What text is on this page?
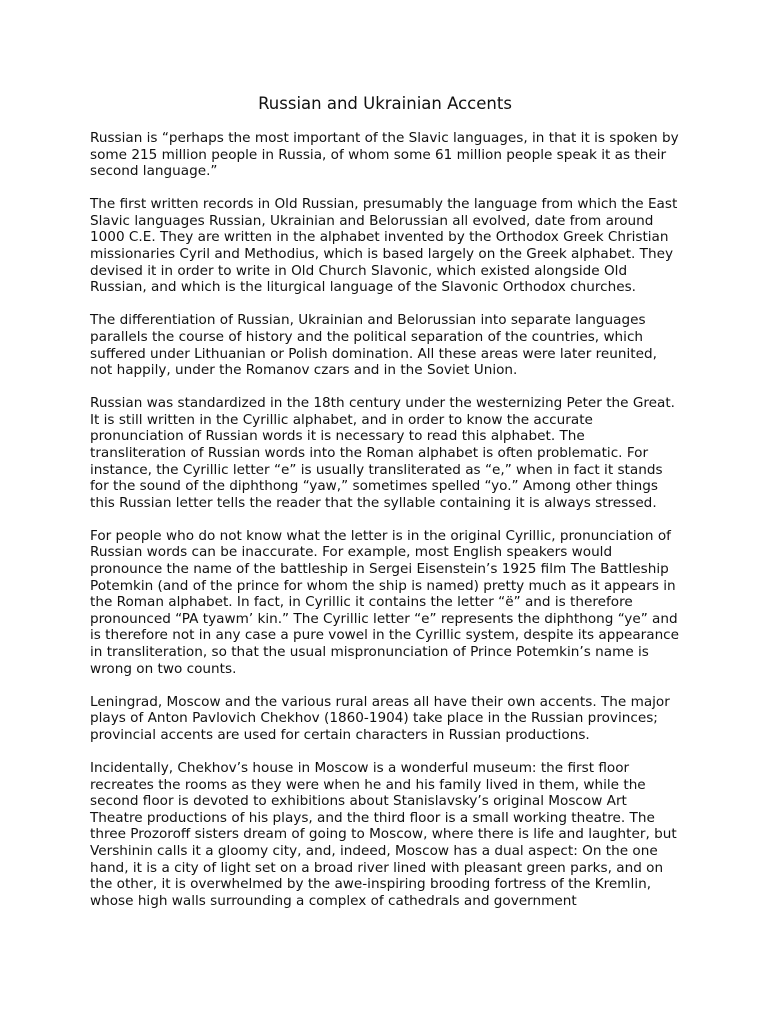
Russian and Ukrainian Accents

Russian is “perhaps the most important of the Slavic languages, in that it is spoken by some 215 million people in Russia, of whom some 61 million people speak it as their second language.”

The first written records in Old Russian, presumably the language from which the East Slavic languages Russian, Ukrainian and Belorussian all evolved, date from around 1000 C.E. They are written in the alphabet invented by the Orthodox Greek Christian missionaries Cyril and Methodius, which is based largely on the Greek alphabet. They devised it in order to write in Old Church Slavonic, which existed alongside Old Russian, and which is the liturgical language of the Slavonic Orthodox churches.

The differentiation of Russian, Ukrainian and Belorussian into separate languages parallels the course of history and the political separation of the countries, which suffered under Lithuanian or Polish domination. All these areas were later reunited, not happily, under the Romanov czars and in the Soviet Union.

Russian was standardized in the 18th century under the westernizing Peter the Great. It is still written in the Cyrillic alphabet, and in order to know the accurate pronunciation of Russian words it is necessary to read this alphabet. The transliteration of Russian words into the Roman alphabet is often problematic. For instance, the Cyrillic letter “e” is usually transliterated as “e,” when in fact it stands for the sound of the diphthong “yaw,” sometimes spelled “yo.” Among other things this Russian letter tells the reader that the syllable containing it is always stressed.

For people who do not know what the letter is in the original Cyrillic, pronunciation of Russian words can be inaccurate. For example, most English speakers would pronounce the name of the battleship in Sergei Eisenstein’s 1925 film The Battleship Potemkin (and of the prince for whom the ship is named) pretty much as it appears in the Roman alphabet. In fact, in Cyrillic it contains the letter “ë” and is therefore pronounced “PA tyawm’ kin.” The Cyrillic letter “e” represents the diphthong “ye” and is therefore not in any case a pure vowel in the Cyrillic system, despite its appearance in transliteration, so that the usual mispronunciation of Prince Potemkin’s name is wrong on two counts.

Leningrad, Moscow and the various rural areas all have their own accents. The major plays of Anton Pavlovich Chekhov (1860-1904) take place in the Russian provinces; provincial accents are used for certain characters in Russian productions.

Incidentally, Chekhov’s house in Moscow is a wonderful museum: the first floor recreates the rooms as they were when he and his family lived in them, while the second floor is devoted to exhibitions about Stanislavsky’s original Moscow Art Theatre productions of his plays, and the third floor is a small working theatre. The three Prozoroff sisters dream of going to Moscow, where there is life and laughter, but Vershinin calls it a gloomy city, and, indeed, Moscow has a dual aspect: On the one hand, it is a city of light set on a broad river lined with pleasant green parks, and on the other, it is overwhelmed by the awe-inspiring brooding fortress of the Kremlin, whose high walls surrounding a complex of cathedrals and government
